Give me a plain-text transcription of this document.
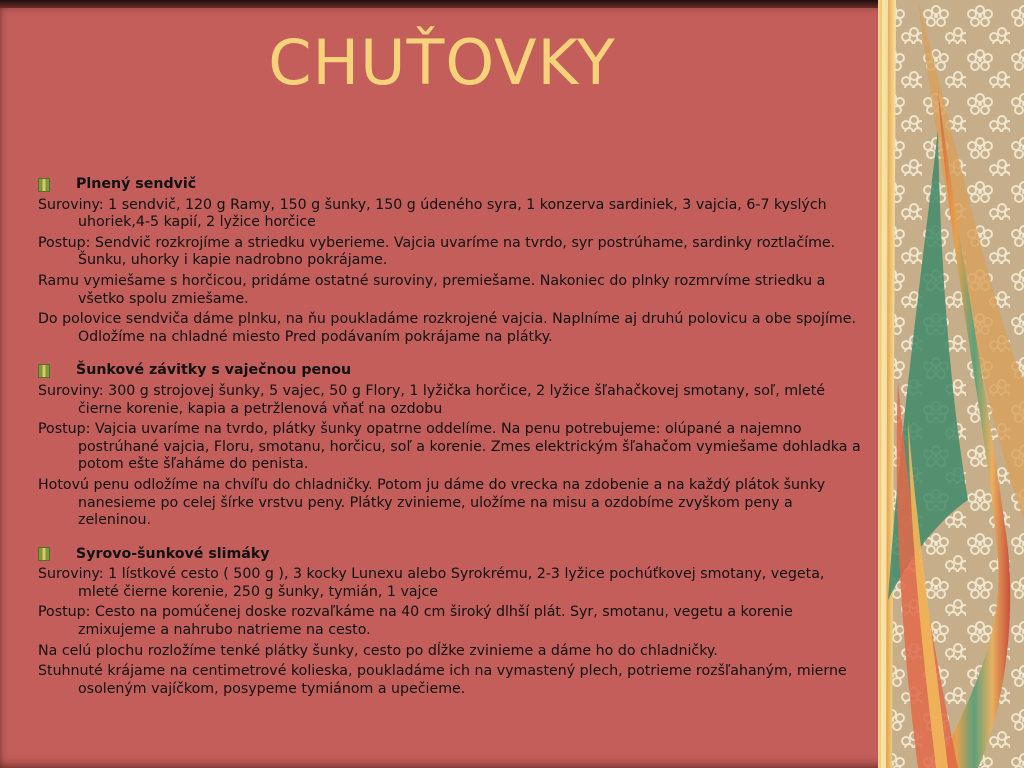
CHUŤOVKY
Plnený sendvič
Suroviny: 1 sendvič, 120 g Ramy, 150 g šunky, 150 g údeného syra, 1 konzerva sardiniek, 3 vajcia, 6-7 kyslých uhoriek,4-5 kapií, 2 lyžice horčice
Postup: Sendvič rozkrojíme a striedku vyberieme. Vajcia uvaríme na tvrdo, syr postrúhame, sardinky roztlačíme. Šunku, uhorky i kapie nadrobno pokrájame.
Ramu vymiešame s horčicou, pridáme ostatné suroviny, premiešame. Nakoniec do plnky rozmrvíme striedku a všetko spolu zmiešame.
Do polovice sendviča dáme plnku, na ňu poukladáme rozkrojené vajcia. Naplníme aj druhú polovicu a obe spojíme. Odložíme na chladné miesto Pred podávaním pokrájame na plátky.
Šunkové závitky s vaječnou penou
Suroviny: 300 g strojovej šunky, 5 vajec, 50 g Flory, 1 lyžička horčice, 2 lyžice šľahačkovej smotany, soľ, mleté čierne korenie, kapia a petržlenová vňať na ozdobu
Postup: Vajcia uvaríme na tvrdo, plátky šunky opatrne oddelíme. Na penu potrebujeme: olúpané a najemno postrúhané vajcia, Floru, smotanu, horčicu, soľ a korenie. Zmes elektrickým šľahačom vymiešame dohladka a potom ešte šľaháme do penista.
Hotovú penu odložíme na chvíľu do chladničky. Potom ju dáme do vrecka na zdobenie a na každý plátok šunky nanesieme po celej šírke vrstvu peny. Plátky zvinieme, uložíme na misu a ozdobíme zvyškom peny a zeleninou.
Syrovo-šunkové slimáky
Suroviny: 1 lístkové cesto ( 500 g ), 3 kocky Lunexu alebo Syrokrému, 2-3 lyžice pochúťkovej smotany, vegeta, mleté čierne korenie, 250 g šunky, tymián, 1 vajce
Postup: Cesto na pomúčenej doske rozvaľkáme na 40 cm široký dlhší plát. Syr, smotanu, vegetu a korenie zmixujeme a nahrubo natrieme na cesto.
Na celú plochu rozložíme tenké plátky šunky, cesto po dĺžke zvinieme a dáme ho do chladničky.
Stuhnuté krájame na centimetrové kolieska, poukladáme ich na vymastený plech, potrieme rozšľahaným, mierne osoleným vajíčkom, posypeme tymiánom a upečieme.
